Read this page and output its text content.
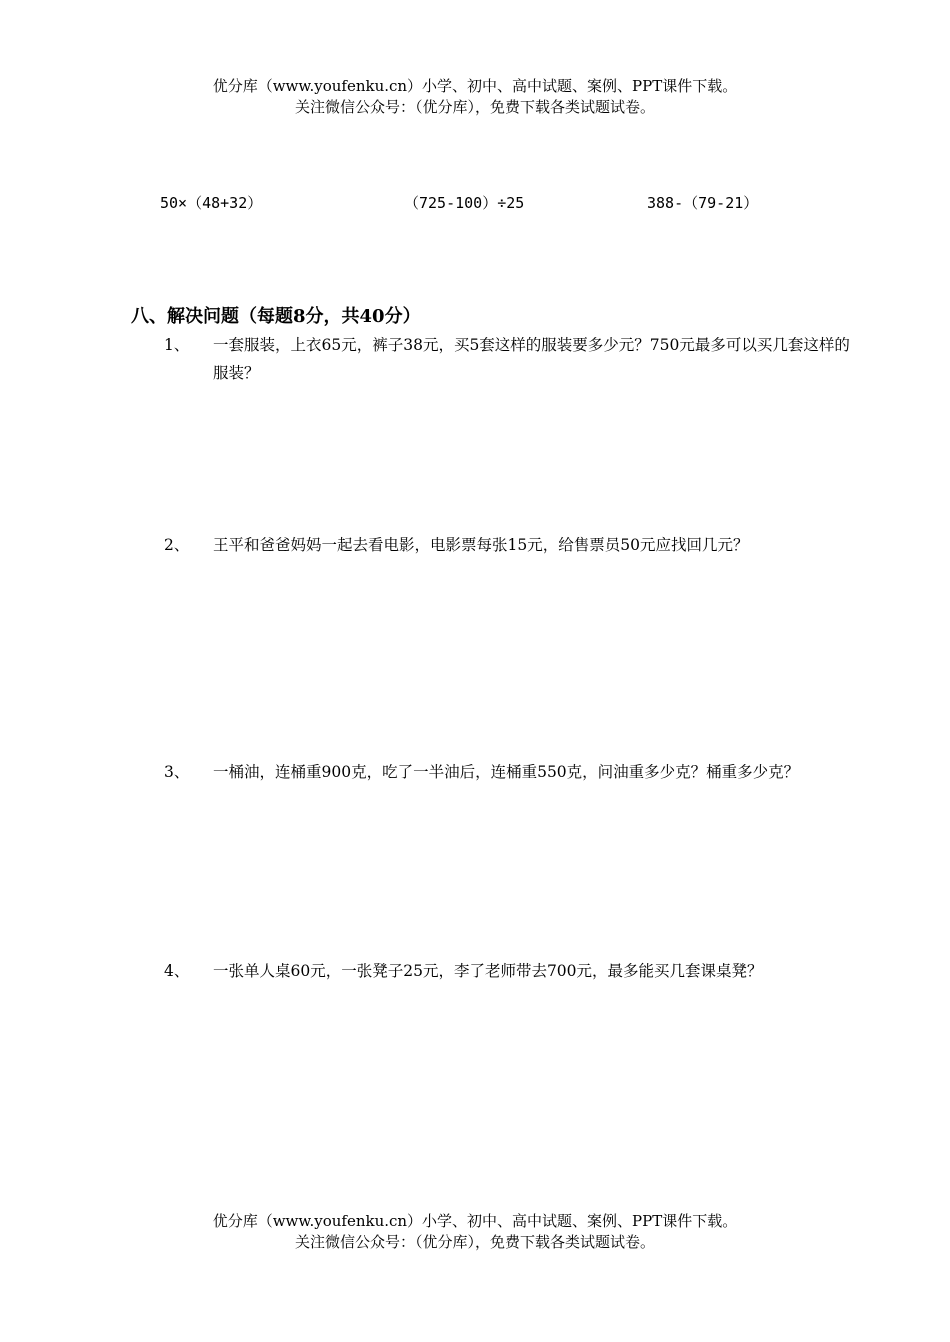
优分库（www.youfenku.cn）小学、初中、高中试题、案例、PPT课件下载。
关注微信公众号：（优分库），免费下载各类试题试卷。
50×（48+32）	（725-100）÷25	388-（79-21）
八、解决问题（每题8分，共40分）
1、 一套服装，上衣65元，裤子38元，买5套这样的服装要多少元？750元最多可以买几套这样的服装？
2、 王平和爸爸妈妈一起去看电影，电影票每张15元，给售票员50元应找回几元？
3、 一桶油，连桶重900克，吃了一半油后，连桶重550克，问油重多少克？桶重多少克？
4、 一张单人桌60元，一张凳子25元，李了老师带去700元，最多能买几套课桌凳？
优分库（www.youfenku.cn）小学、初中、高中试题、案例、PPT课件下载。
关注微信公众号：（优分库），免费下载各类试题试卷。
